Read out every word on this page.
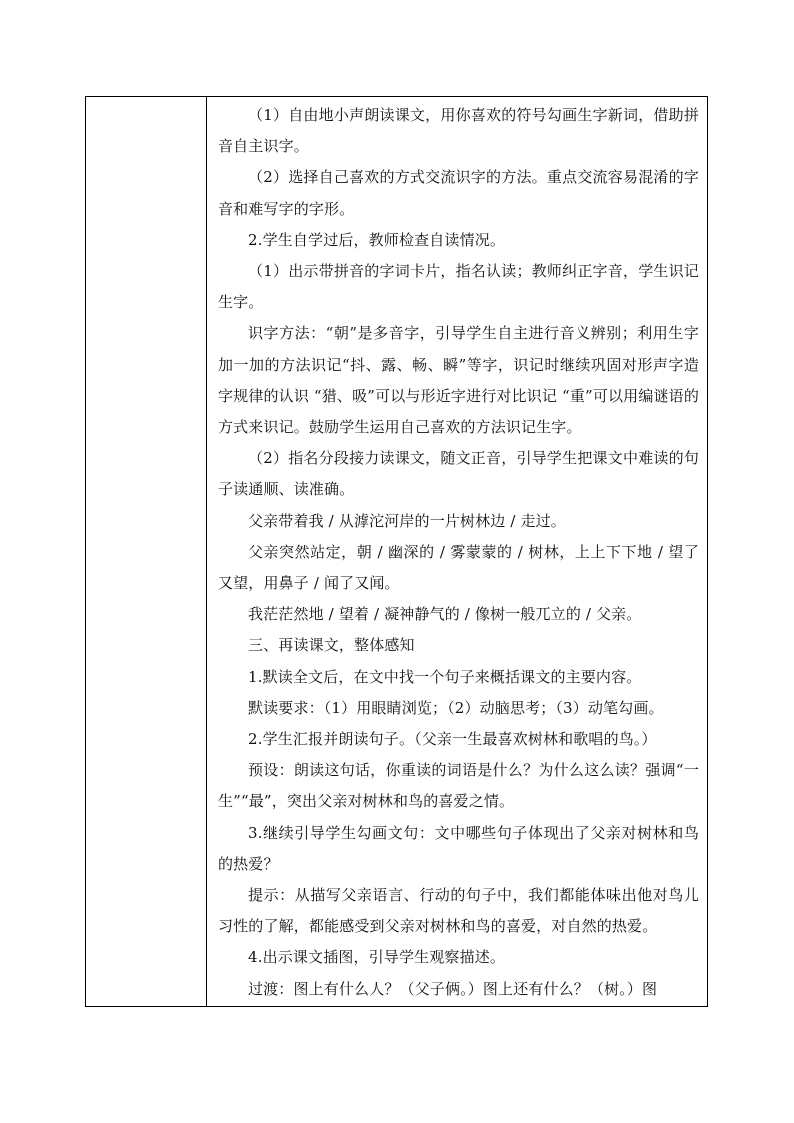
（1）自由地小声朗读课文，用你喜欢的符号勾画生字新词，借助拼音自主识字。

（2）选择自己喜欢的方式交流识字的方法。重点交流容易混淆的字音和难写字的字形。

2.学生自学过后，教师检查自读情况。

（1）出示带拼音的字词卡片，指名认读；教师纠正字音，学生识记生字。

识字方法：“朝”是多音字，引导学生自主进行音义辨别；利用生字加一加的方法识记“抖、露、畅、瞬”等字，识记时继续巩固对形声字造字规律的认识 “猎、吸”可以与形近字进行对比识记 “重”可以用编谜语的方式来识记。鼓励学生运用自己喜欢的方法识记生字。

（2）指名分段接力读课文，随文正音，引导学生把课文中难读的句子读通顺、读准确。

父亲带着我 / 从滹沱河岸的一片树林边 / 走过。

父亲突然站定，朝 / 幽深的 / 雾蒙蒙的 / 树林，上上下下地 / 望了又望，用鼻子 / 闻了又闻。

我茫茫然地 / 望着 / 凝神静气的 / 像树一般兀立的 / 父亲。

三、再读课文，整体感知

1.默读全文后，在文中找一个句子来概括课文的主要内容。

默读要求：（1）用眼睛浏览；（2）动脑思考；（3）动笔勾画。

2.学生汇报并朗读句子。（父亲一生最喜欢树林和歌唱的鸟。）

预设：朗读这句话，你重读的词语是什么？为什么这么读？强调“一生”“最”，突出父亲对树林和鸟的喜爱之情。

3.继续引导学生勾画文句：文中哪些句子体现出了父亲对树林和鸟的热爱？

提示：从描写父亲语言、行动的句子中，我们都能体味出他对鸟儿习性的了解，都能感受到父亲对树林和鸟的喜爱，对自然的热爱。

4.出示课文插图，引导学生观察描述。

过渡：图上有什么人？（父子俩。）图上还有什么？（树。）图
